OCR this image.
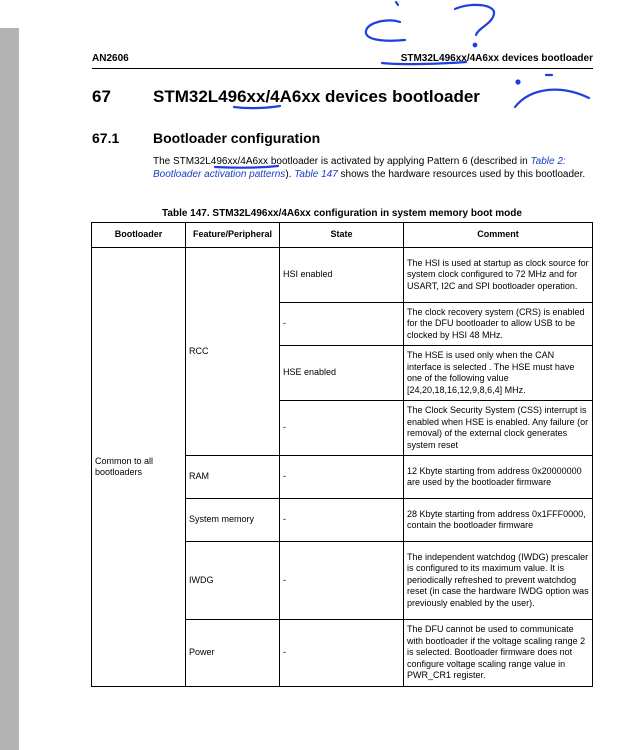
AN2606	STM32L496xx/4A6xx devices bootloader
67 STM32L496xx/4A6xx devices bootloader
67.1 Bootloader configuration
The STM32L496xx/4A6xx bootloader is activated by applying Pattern 6 (described in Table 2: Bootloader activation patterns). Table 147 shows the hardware resources used by this bootloader.
Table 147. STM32L496xx/4A6xx configuration in system memory boot mode
Bootloader	Feature/Peripheral	State	Comment
Common to all bootloaders	RCC	HSI enabled	The HSI is used at startup as clock source for system clock configured to 72 MHz and for USART, I2C and SPI bootloader operation.
		-	The clock recovery system (CRS) is enabled for the DFU bootloader to allow USB to be clocked by HSI 48 MHz.
		HSE enabled	The HSE is used only when the CAN interface is selected . The HSE must have one of the following value [24,20,18,16,12,9,8,6,4] MHz.
		-	The Clock Security System (CSS) interrupt is enabled when HSE is enabled. Any failure (or removal) of the external clock generates system reset
	RAM	-	12 Kbyte starting from address 0x20000000 are used by the bootloader firmware
	System memory	-	28 Kbyte starting from address 0x1FFF0000, contain the bootloader firmware
	IWDG	-	The independent watchdog (IWDG) prescaler is configured to its maximum value. It is periodically refreshed to prevent watchdog reset (in case the hardware IWDG option was previously enabled by the user).
	Power	-	The DFU cannot be used to communicate with bootloader if the voltage scaling range 2 is selected. Bootloader firmware does not configure voltage scaling range value in PWR_CR1 register.
